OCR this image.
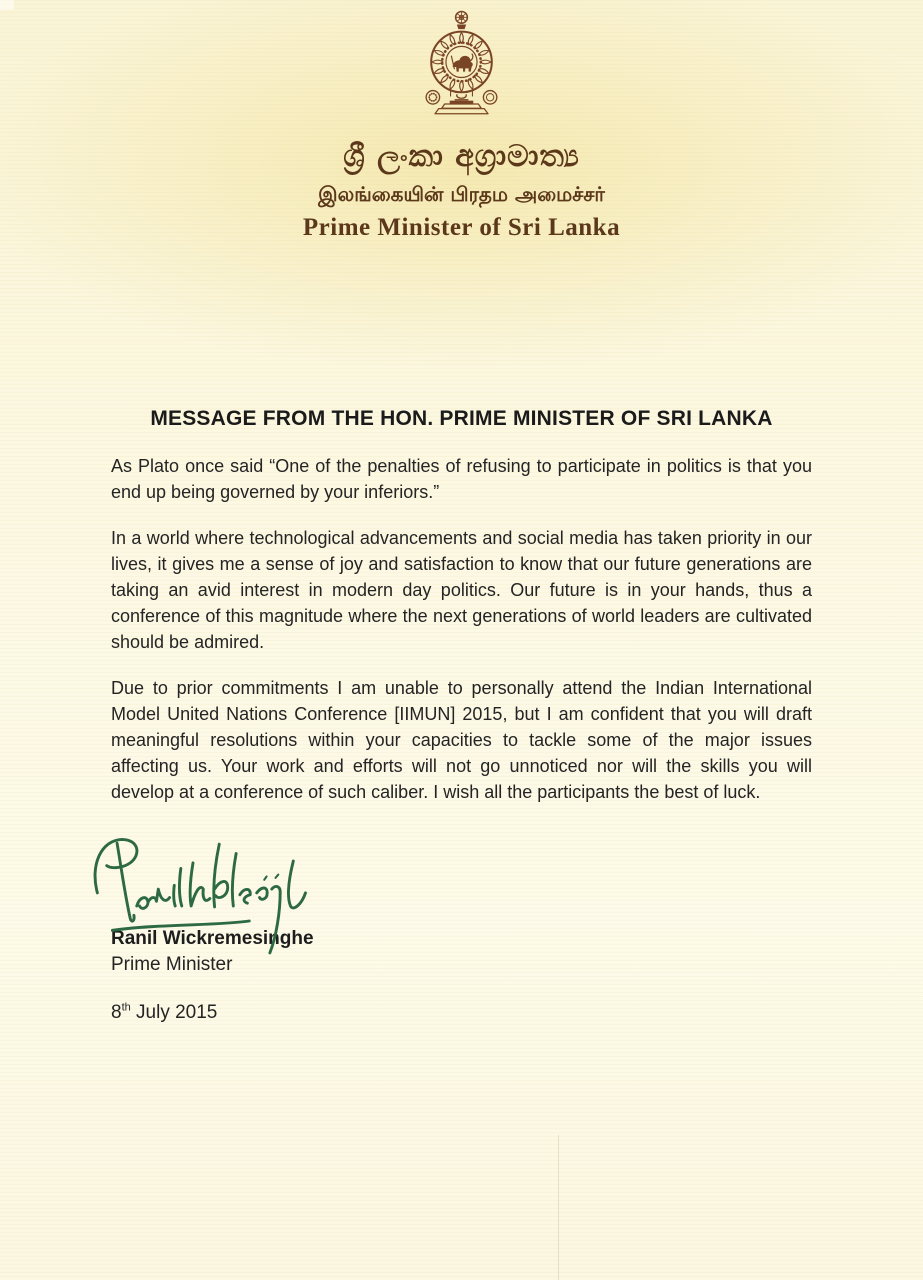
ශ්‍රී ලංකා අග්‍රාමාත්‍ය
இலங்கையின் பிரதம அமைச்சர்
Prime Minister of Sri Lanka
MESSAGE FROM THE HON. PRIME MINISTER OF SRI LANKA

As Plato once said “One of the penalties of refusing to participate in politics is that you end up being governed by your inferiors.”

In a world where technological advancements and social media has taken priority in our lives, it gives me a sense of joy and satisfaction to know that our future generations are taking an avid interest in modern day politics. Our future is in your hands, thus a conference of this magnitude where the next generations of world leaders are cultivated should be admired.

Due to prior commitments I am unable to personally attend the Indian International Model United Nations Conference [IIMUN] 2015, but I am confident that you will draft meaningful resolutions within your capacities to tackle some of the major issues affecting us. Your work and efforts will not go unnoticed nor will the skills you will develop at a conference of such caliber. I wish all the participants the best of luck.

Ranil Wickremesinghe
Prime Minister
8th July 2015
